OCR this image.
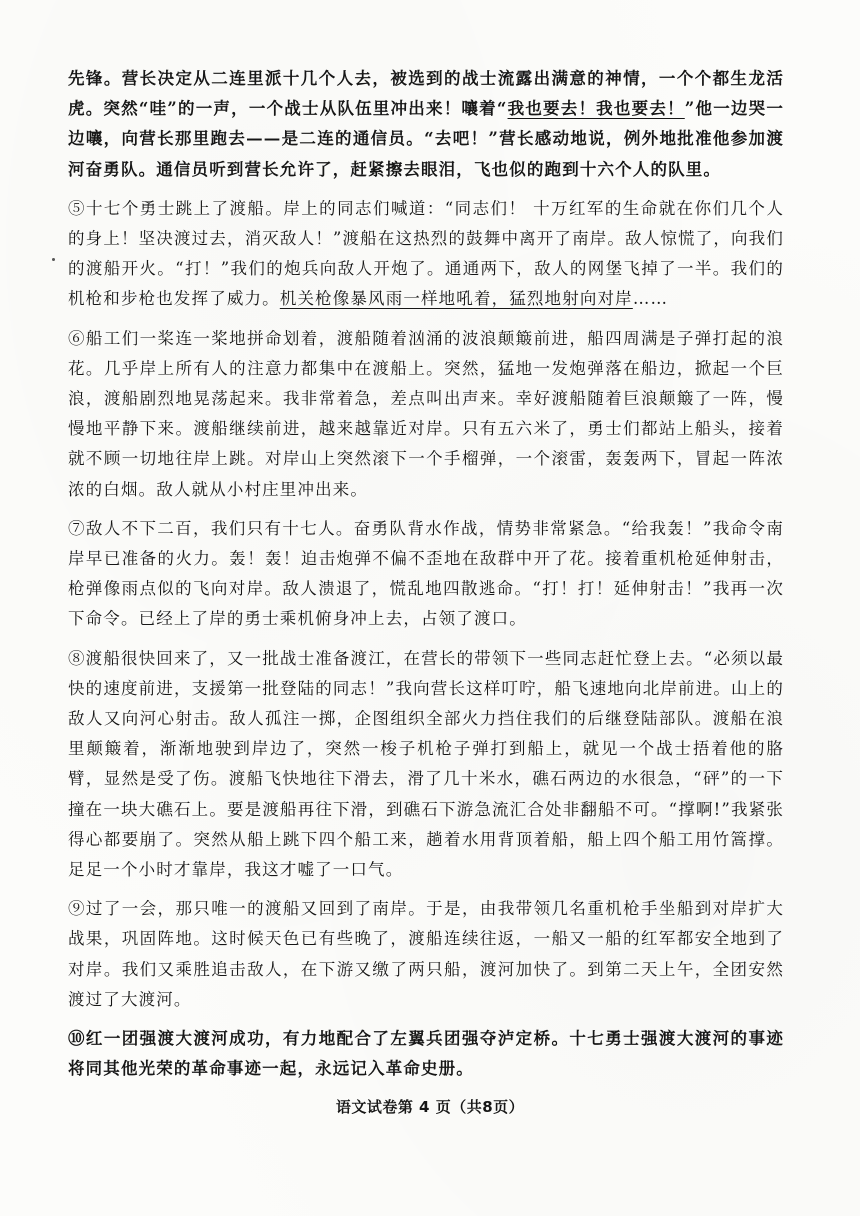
先锋。营长决定从二连里派十几个人去，被选到的战士流露出满意的神情，一个个都生龙活虎。突然“哇”的一声，一个战士从队伍里冲出来！嚷着“我也要去！我也要去！”他一边哭一边嚷，向营长那里跑去——是二连的通信员。“去吧！”营长感动地说，例外地批准他参加渡河奋勇队。通信员听到营长允许了，赶紧擦去眼泪，飞也似的跑到十六个人的队里。

⑤十七个勇士跳上了渡船。岸上的同志们喊道：“同志们！ 十万红军的生命就在你们几个人的身上！坚决渡过去，消灭敌人！”渡船在这热烈的鼓舞中离开了南岸。敌人惊慌了，向我们的渡船开火。“打！”我们的炮兵向敌人开炮了。通通两下，敌人的网堡飞掉了一半。我们的机枪和步枪也发挥了威力。机关枪像暴风雨一样地吼着，猛烈地射向对岸……

⑥船工们一桨连一桨地拼命划着，渡船随着汹涌的波浪颠簸前进，船四周满是子弹打起的浪花。几乎岸上所有人的注意力都集中在渡船上。突然，猛地一发炮弹落在船边，掀起一个巨浪，渡船剧烈地晃荡起来。我非常着急，差点叫出声来。幸好渡船随着巨浪颠簸了一阵，慢慢地平静下来。渡船继续前进，越来越靠近对岸。只有五六米了，勇士们都站上船头，接着就不顾一切地往岸上跳。对岸山上突然滚下一个手榴弹，一个滚雷，轰轰两下，冒起一阵浓浓的白烟。敌人就从小村庄里冲出来。

⑦敌人不下二百，我们只有十七人。奋勇队背水作战，情势非常紧急。“给我轰！”我命令南岸早已准备的火力。轰！轰！迫击炮弹不偏不歪地在敌群中开了花。接着重机枪延伸射击，枪弹像雨点似的飞向对岸。敌人溃退了，慌乱地四散逃命。“打！打！延伸射击！”我再一次下命令。已经上了岸的勇士乘机俯身冲上去，占领了渡口。

⑧渡船很快回来了，又一批战士准备渡江，在营长的带领下一些同志赶忙登上去。“必须以最快的速度前进，支援第一批登陆的同志！”我向营长这样叮咛，船飞速地向北岸前进。山上的敌人又向河心射击。敌人孤注一掷，企图组织全部火力挡住我们的后继登陆部队。渡船在浪里颠簸着，渐渐地驶到岸边了，突然一梭子机枪子弹打到船上，就见一个战士捂着他的胳臂，显然是受了伤。渡船飞快地往下滑去，滑了几十米水，礁石两边的水很急，“砰”的一下撞在一块大礁石上。要是渡船再往下滑，到礁石下游急流汇合处非翻船不可。“撑啊!”我紧张得心都要崩了。突然从船上跳下四个船工来，趟着水用背顶着船，船上四个船工用竹篙撑。足足一个小时才靠岸，我这才嘘了一口气。

⑨过了一会，那只唯一的渡船又回到了南岸。于是，由我带领几名重机枪手坐船到对岸扩大战果，巩固阵地。这时候天色已有些晚了，渡船连续往返，一船又一船的红军都安全地到了对岸。我们又乘胜追击敌人，在下游又缴了两只船，渡河加快了。到第二天上午，全团安然渡过了大渡河。

⑩红一团强渡大渡河成功，有力地配合了左翼兵团强夺泸定桥。十七勇士强渡大渡河的事迹将同其他光荣的革命事迹一起，永远记入革命史册。

语文试卷第 4 页（共8页）
